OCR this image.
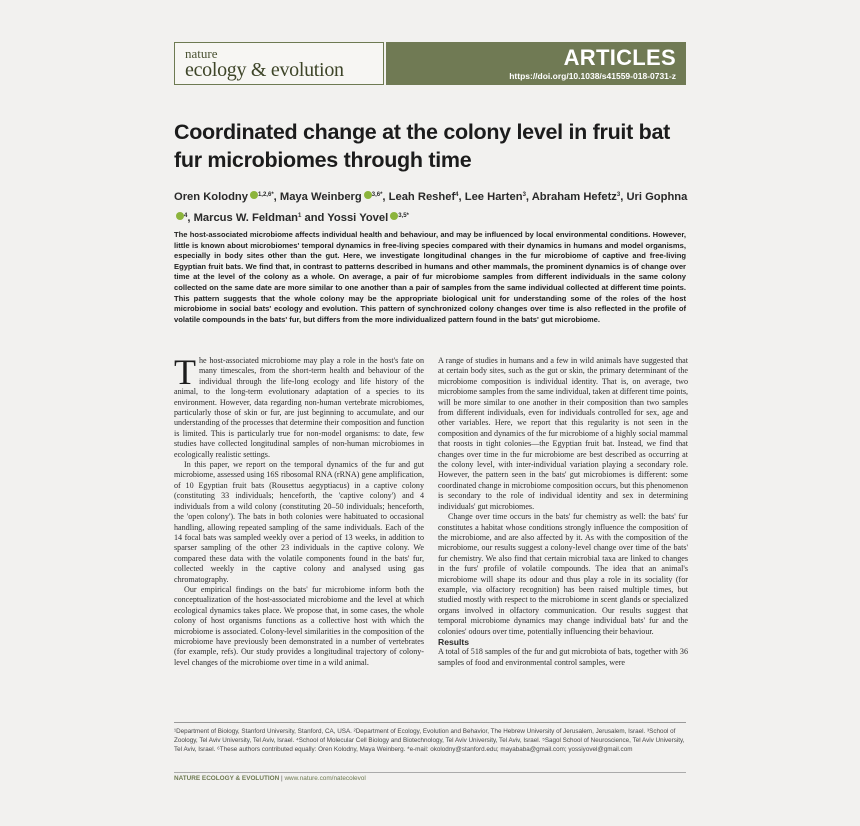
nature
ecology & evolution	ARTICLES
https://doi.org/10.1038/s41559-018-0731-z
Coordinated change at the colony level in fruit bat fur microbiomes through time
Oren Kolodny $^{1,2,6*}$, Maya Weinberg $^{3,6*}$, Leah Reshef$^4$, Lee Harten$^3$, Abraham Hefetz$^3$, Uri Gophna$^4$, Marcus W. Feldman$^1$ and Yossi Yovel $^{3,5*}$
The host-associated microbiome affects individual health and behaviour, and may be influenced by local environmental conditions. However, little is known about microbiomes' temporal dynamics in free-living species compared with their dynamics in humans and model organisms, especially in body sites other than the gut. Here, we investigate longitudinal changes in the fur microbiome of captive and free-living Egyptian fruit bats. We find that, in contrast to patterns described in humans and other mammals, the prominent dynamics is of change over time at the level of the colony as a whole. On average, a pair of fur microbiome samples from different individuals in the same colony collected on the same date are more similar to one another than a pair of samples from the same individual collected at different time points. This pattern suggests that the whole colony may be the appropriate biological unit for understanding some of the roles of the host microbiome in social bats' ecology and evolution. This pattern of synchronized colony changes over time is also reflected in the profile of volatile compounds in the bats' fur, but differs from the more individualized pattern found in the bats' gut microbiome.

The host-associated microbiome may play a role in the host's fate on many timescales, from the short-term health and behaviour of the individual through the life-long ecology and life history of the animal, to the long-term evolutionary adaptation of a species to its environment. However, data regarding non-human vertebrate microbiomes, particularly those of skin or fur, are just beginning to accumulate, and our understanding of the processes that determine their composition and function is limited. This is particularly true for non-model organisms: to date, few studies have collected longitudinal samples of non-human microbiomes in ecologically realistic settings.

In this paper, we report on the temporal dynamics of the fur and gut microbiome, assessed using 16S ribosomal RNA (rRNA) gene amplification, of 10 Egyptian fruit bats (Rousettus aegyptiacus) in a captive colony (constituting 33 individuals; henceforth, the 'captive colony') and 4 individuals from a wild colony (constituting 20–50 individuals; henceforth, the 'open colony'). The bats in both colonies were habituated to occasional handling, allowing repeated sampling of the same individuals. Each of the 14 focal bats was sampled weekly over a period of 13 weeks, in addition to sparser sampling of the other 23 individuals in the captive colony. We compared these data with the volatile components found in the bats' fur, collected weekly in the captive colony and analysed using gas chromatography.

Our empirical findings on the bats' fur microbiome inform both the conceptualization of the host-associated microbiome and the level at which ecological dynamics takes place. We propose that, in some cases, the whole colony of host organisms functions as a collective host with which the microbiome is associated. Colony-level similarities in the composition of the microbiome have previously been demonstrated in a number of vertebrates (for example, refs). Our study provides a longitudinal trajectory of colony-level changes of the microbiome over time in a wild animal.

A range of studies in humans and a few in wild animals have suggested that at certain body sites, such as the gut or skin, the primary determinant of the microbiome composition is individual identity. That is, on average, two microbiome samples from the same individual, taken at different time points, will be more similar to one another in their composition than two samples from different individuals, even for individuals controlled for sex, age and other variables. Here, we report that this regularity is not seen in the composition and dynamics of the fur microbiome of a highly social mammal that roosts in tight colonies—the Egyptian fruit bat. Instead, we find that changes over time in the fur microbiome are best described as occurring at the colony level, with inter-individual variation playing a secondary role. However, the pattern seen in the bats' gut microbiomes is different: some coordinated change in microbiome composition occurs, but this phenomenon is secondary to the role of individual identity and sex in determining individuals' gut microbiomes.

Change over time occurs in the bats' fur chemistry as well: the bats' fur constitutes a habitat whose conditions strongly influence the composition of the microbiome, and are also affected by it. As with the composition of the microbiome, our results suggest a colony-level change over time of the bats' fur chemistry. We also find that certain microbial taxa are linked to changes in the furs' profile of volatile compounds. The idea that an animal's microbiome will shape its odour and thus play a role in its sociality (for example, via olfactory recognition) has been raised multiple times, but studied mostly with respect to the microbiome in scent glands or specialized organs involved in olfactory communication. Our results suggest that temporal microbiome dynamics may change individual bats' fur and the colonies' odours over time, potentially influencing their behaviour.

Results

A total of 518 samples of the fur and gut microbiota of bats, together with 36 samples of food and environmental control samples, were

¹Department of Biology, Stanford University, Stanford, CA, USA. ²Department of Ecology, Evolution and Behavior, The Hebrew University of Jerusalem, Jerusalem, Israel. ³School of Zoology, Tel Aviv University, Tel Aviv, Israel. ⁴School of Molecular Cell Biology and Biotechnology, Tel Aviv University, Tel Aviv, Israel. ⁵Sagol School of Neuroscience, Tel Aviv University, Tel Aviv, Israel. ⁶These authors contributed equally: Oren Kolodny, Maya Weinberg. *e-mail: okolodny@stanford.edu; mayababa@gmail.com; yossiyovel@gmail.com
NATURE ECOLOGY & EVOLUTION | www.nature.com/natecolevol
